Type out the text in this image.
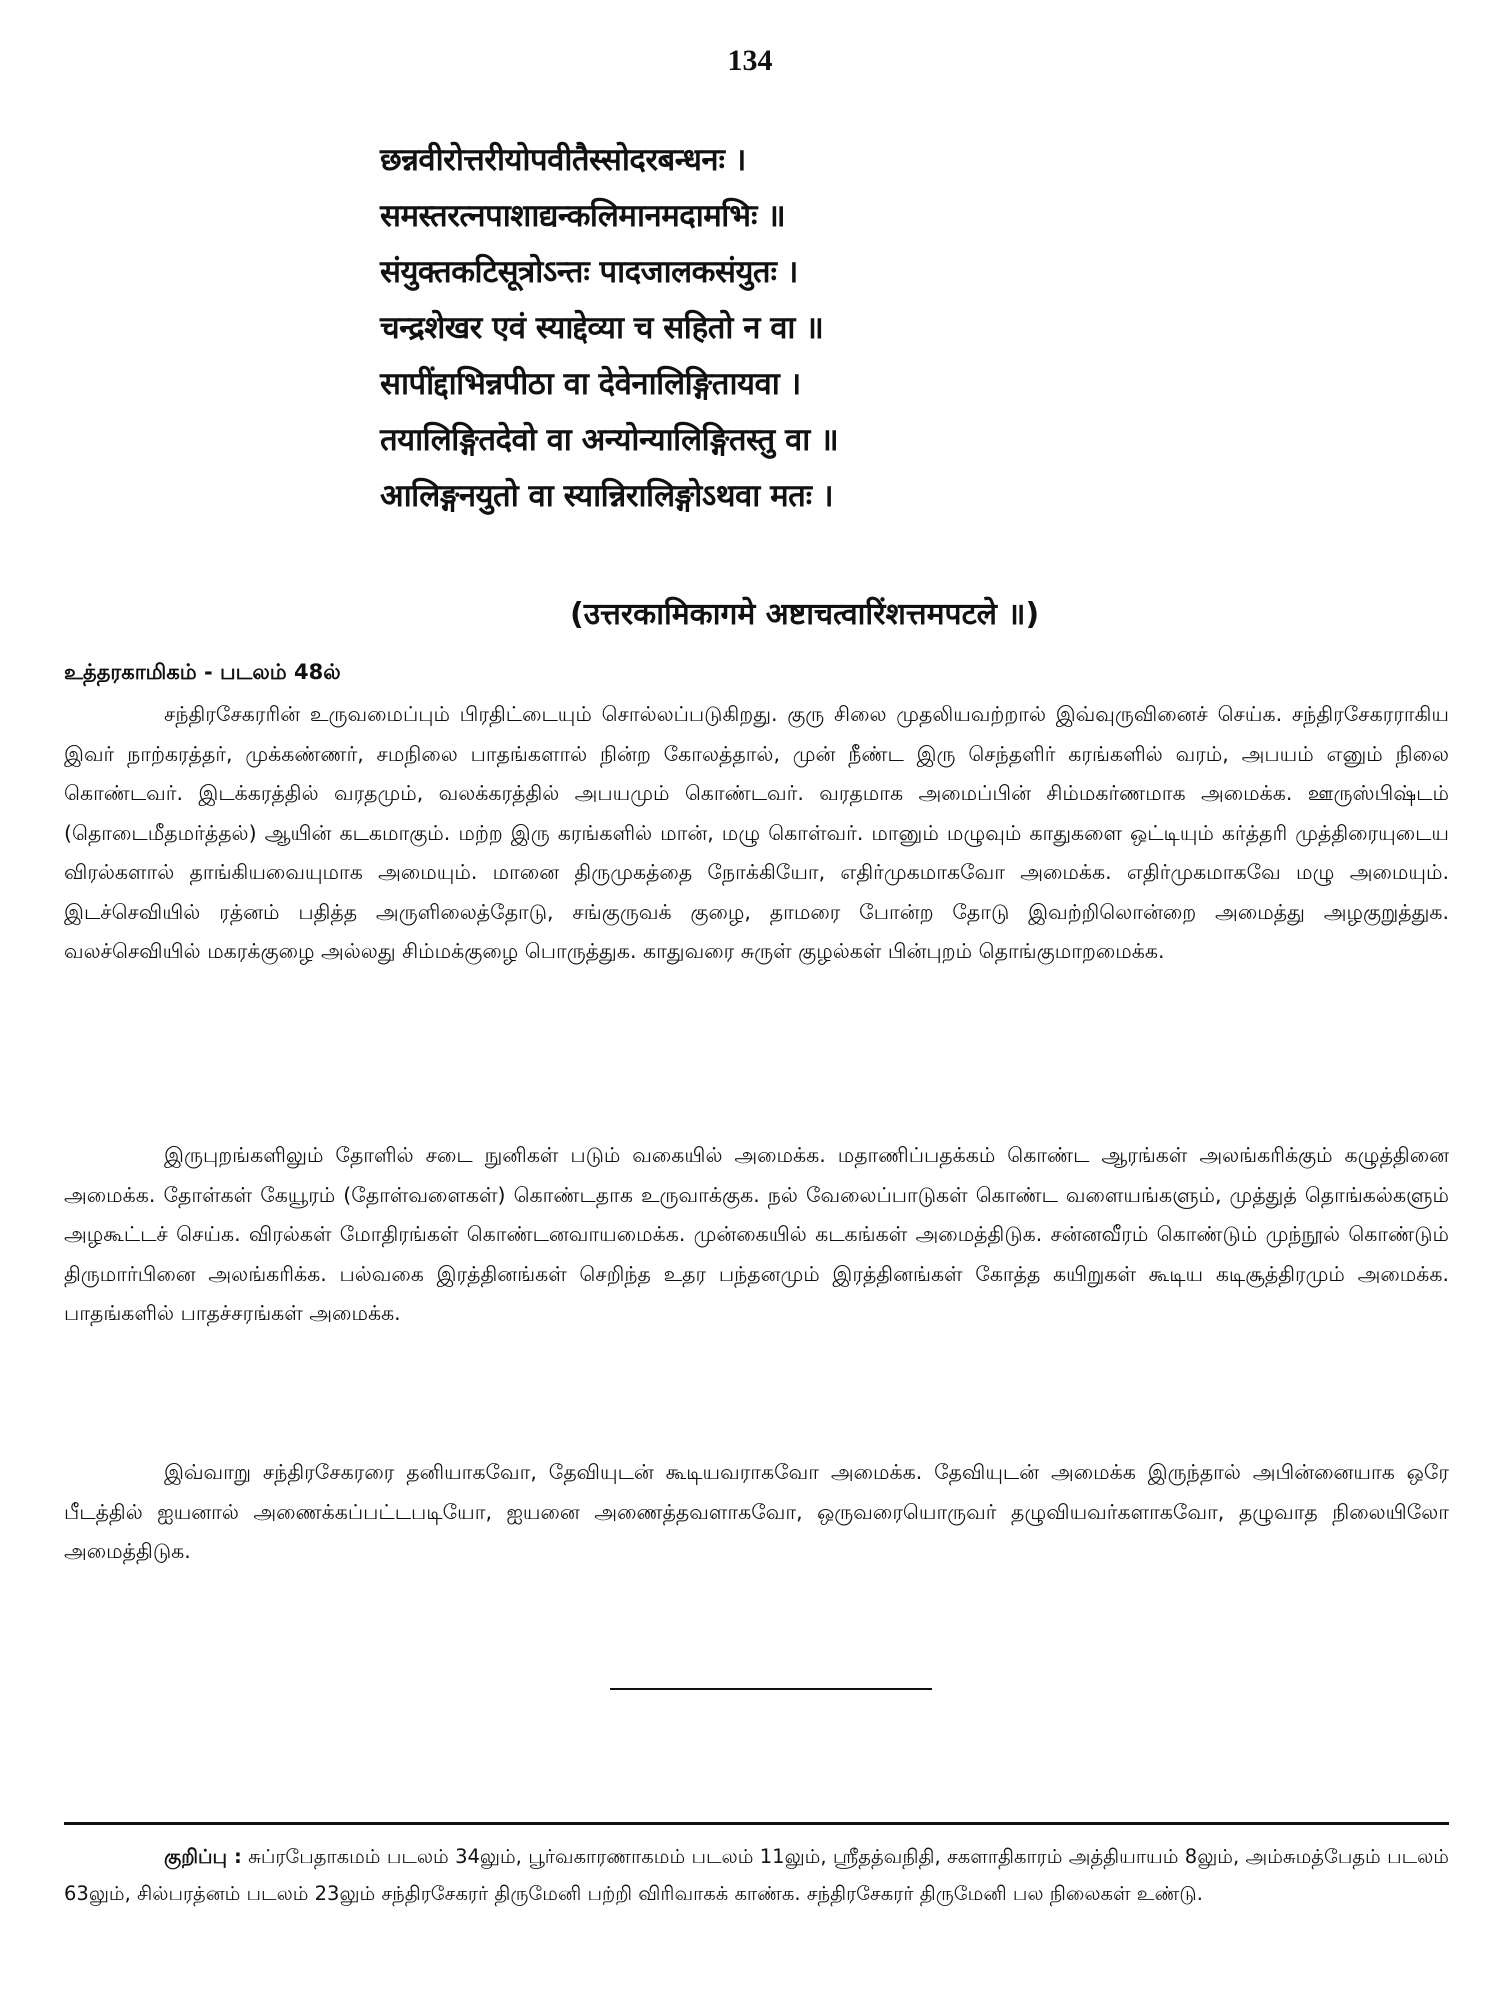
134
छन्नवीरोत्तरीयोपवीतैस्सोदरबन्धनः ।
समस्तरत्नपाशाद्यन्कलिमानमदामभिः ॥
संयुक्तकटिसूत्रोऽन्तः पादजालकसंयुतः ।
चन्द्रशेखर एवं स्याद्देव्या च सहितो न वा ॥
सापींद्दाभिन्नपीठा वा देवेनालिङ्गितायवा ।
तयालिङ्गितदेवो वा अन्योन्यालिङ्गितस्तु वा ॥
आलिङ्गनयुतो वा स्यान्निरालिङ्गोऽथवा मतः ।
(उत्तरकामिकागमे अष्टाचत्वारिंशत्तमपटले ॥)
உத்தரகாமிகம் - படலம் 48ல்

சந்திரசேகரரின் உருவமைப்பும் பிரதிட்டையும் சொல்லப்படுகிறது. குரு சிலை முதலியவற்றால் இவ்வுருவினைச் செய்க. சந்திரசேகரராகிய இவர் நாற்கரத்தர், முக்கண்ணர், சமநிலை பாதங்களால் நின்ற கோலத்தால், முன் நீண்ட இரு செந்தளிர் கரங்களில் வரம், அபயம் எனும் நிலை கொண்டவர். இடக்கரத்தில் வரதமும், வலக்கரத்தில் அபயமும் கொண்டவர். வரதமாக அமைப்பின் சிம்மகர்ணமாக அமைக்க. ஊருஸ்பிஷ்டம் (தொடைமீதமர்த்தல்) ஆயின் கடகமாகும். மற்ற இரு கரங்களில் மான், மழு கொள்வர். மானும் மழுவும் காதுகளை ஒட்டியும் கர்த்தரி முத்திரையுடைய விரல்களால் தாங்கியவையுமாக அமையும். மானை திருமுகத்தை நோக்கியோ, எதிர்முகமாகவோ அமைக்க. எதிர்முகமாகவே மழு அமையும். இடச்செவியில் ரத்னம் பதித்த அருளிலைத்தோடு, சங்குருவக் குழை, தாமரை போன்ற தோடு இவற்றிலொன்றை அமைத்து அழகுறுத்துக. வலச்செவியில் மகரக்குழை அல்லது சிம்மக்குழை பொருத்துக. காதுவரை சுருள் குழல்கள் பின்புறம் தொங்குமாறமைக்க.

இருபுறங்களிலும் தோளில் சடை நுனிகள் படும் வகையில் அமைக்க. மதாணிப்பதக்கம் கொண்ட ஆரங்கள் அலங்கரிக்கும் கழுத்தினை அமைக்க. தோள்கள் கேயூரம் (தோள்வளைகள்) கொண்டதாக உருவாக்குக. நல் வேலைப்பாடுகள் கொண்ட வளையங்களும், முத்துத் தொங்கல்களும் அழகூட்டச் செய்க. விரல்கள் மோதிரங்கள் கொண்டனவாயமைக்க. முன்கையில் கடகங்கள் அமைத்திடுக. சன்னவீரம் கொண்டும் முந்நூல் கொண்டும் திருமார்பினை அலங்கரிக்க. பல்வகை இரத்தினங்கள் செறிந்த உதர பந்தனமும் இரத்தினங்கள் கோத்த கயிறுகள் கூடிய கடிசூத்திரமும் அமைக்க. பாதங்களில் பாதச்சரங்கள் அமைக்க.

இவ்வாறு சந்திரசேகரரை தனியாகவோ, தேவியுடன் கூடியவராகவோ அமைக்க. தேவியுடன் அமைக்க இருந்தால் அபின்னையாக ஒரே பீடத்தில் ஐயனால் அணைக்கப்பட்டபடியோ, ஐயனை அணைத்தவளாகவோ, ஒருவரையொருவர் தழுவியவர்களாகவோ, தழுவாத நிலையிலோ அமைத்திடுக.

குறிப்பு : சுப்ரபேதாகமம் படலம் 34லும், பூர்வகாரணாகமம் படலம் 11லும், ஸ்ரீதத்வநிதி, சகளாதிகாரம் அத்தியாயம் 8லும், அம்சுமத்பேதம் படலம் 63லும், சில்பரத்னம் படலம் 23லும் சந்திரசேகரர் திருமேனி பற்றி விரிவாகக் காண்க. சந்திரசேகரர் திருமேனி பல நிலைகள் உண்டு.
